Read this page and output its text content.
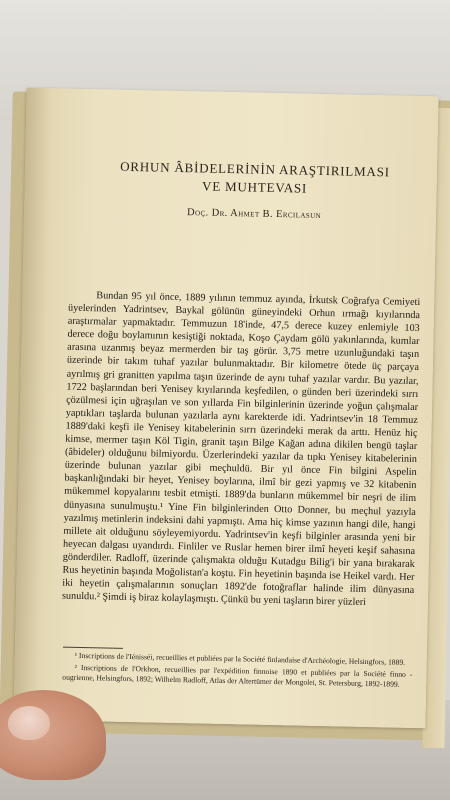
ORHUN ÂBİDELERİNİN ARAŞTIRILMASI
VE MUHTEVASI

Doç. Dr. Ahmet B. Ercilasun

Bundan 95 yıl önce, 1889 yılının temmuz ayında, İrkutsk Coğrafya Cemiyeti üyelerinden Yadrintsev, Baykal gölünün güneyindeki Orhun ırmağı kıyılarında araştırmalar yapmaktadır. Temmuzun 18'inde, 47,5 derece kuzey enlemiyle 103 derece doğu boylamının kesiştiği noktada, Koşo Çaydam gölü yakınlarında, kumlar arasına uzanmış beyaz mermerden bir taş görür. 3,75 metre uzunluğundaki taşın üzerinde bir takım tuhaf yazılar bulunmaktadır. Bir kilometre ötede üç parçaya ayrılmış gri granitten yapılma taşın üzerinde de aynı tuhaf yazılar vardır. Bu yazılar, 1722 başlarından beri Yenisey kıyılarında keşfedilen, o günden beri üzerindeki sırrı çözülmesi için uğraşılan ve son yıllarda Fin bilginlerinin üzerinde yoğun çalışmalar yaptıkları taşlarda bulunan yazılarla aynı karekterde idi. Yadrintsev'in 18 Temmuz 1889'daki keşfi ile Yenisey kitabelerinin sırrı üzerindeki merak da arttı. Henüz hiç kimse, mermer taşın Köl Tigin, granit taşın Bilge Kağan adına dikilen bengü taşlar (âbideler) olduğunu bilmiyordu. Üzerlerindeki yazılar da tıpkı Yenisey kitabelerinin üzerinde bulunan yazılar gibi meçhuldü. Bir yıl önce Fin bilgini Aspelin başkanlığındaki bir heyet, Yenisey boylarına, ilmî bir gezi yapmış ve 32 kitabenin mükemmel kopyalarını tesbit etmişti. 1889'da bunların mükemmel bir neşri de ilim dünyasına sunulmuştu.¹ Yine Fin bilginlerinden Otto Donner, bu meçhul yazıyla yazılmış metinlerin indeksini dahi yapmıştı. Ama hiç kimse yazının hangi dile, hangi millete ait olduğunu söyleyemiyordu. Yadrintsev'in keşfi bilginler arasında yeni bir heyecan dalgası uyandırdı. Finliler ve Ruslar hemen birer ilmî heyeti keşif sahasına gönderdiler. Radloff, üzerinde çalışmakta olduğu Kutadgu Bilig'i bir yana bırakarak Rus heyetinin başında Moğolistan'a koştu. Fin heyetinin başında ise Heikel vardı. Her iki heyetin çalışmalarının sonuçları 1892'de fotoğraflar halinde ilim dünyasına sunuldu.² Şimdi iş biraz kolaylaşmıştı. Çünkü bu yeni taşların birer yüzleri

¹ Inscriptions de l'Iénisséi, recueillies et publiées par la Société finlandaise d'Archéologie, Helsingfors, 1889.

² Inscriptions de l'Orkhon, recueillies par l'expédition finnoise 1890 et publiées par la Société finno - ougrienne, Helsingfors, 1892; Wilhelm Radloff, Atlas der Altertümer der Mongolei, St. Petersburg, 1892-1899.
